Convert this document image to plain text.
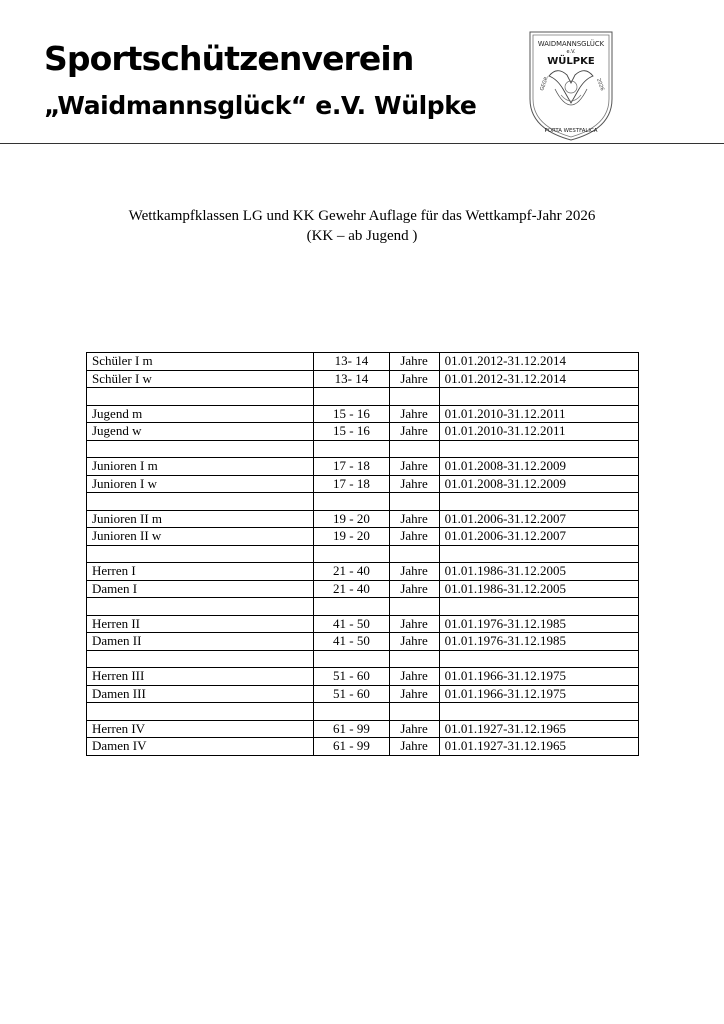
Sportschützenverein
„Waidmannsglück“ e.V. Wülpke
WAIDMANNSGLÜCK
e.V.
WÜLPKE
GEGR.	2026
PORTA WESTFALICA
Wettkampfklassen LG und KK Gewehr Auflage für das Wettkampf-Jahr 2026
(KK – ab Jugend )
Schüler I m	13- 14	Jahre	01.01.2012-31.12.2014
Schüler I w	13- 14	Jahre	01.01.2012-31.12.2014

Jugend m	15 - 16	Jahre	01.01.2010-31.12.2011
Jugend w	15 - 16	Jahre	01.01.2010-31.12.2011

Junioren I m	17 - 18	Jahre	01.01.2008-31.12.2009
Junioren I w	17 - 18	Jahre	01.01.2008-31.12.2009

Junioren II m	19 - 20	Jahre	01.01.2006-31.12.2007
Junioren II w	19 - 20	Jahre	01.01.2006-31.12.2007

Herren I	21 - 40	Jahre	01.01.1986-31.12.2005
Damen I	21 - 40	Jahre	01.01.1986-31.12.2005

Herren II	41 - 50	Jahre	01.01.1976-31.12.1985
Damen II	41 - 50	Jahre	01.01.1976-31.12.1985

Herren III	51 - 60	Jahre	01.01.1966-31.12.1975
Damen III	51 - 60	Jahre	01.01.1966-31.12.1975

Herren IV	61 - 99	Jahre	01.01.1927-31.12.1965
Damen IV	61 - 99	Jahre	01.01.1927-31.12.1965
